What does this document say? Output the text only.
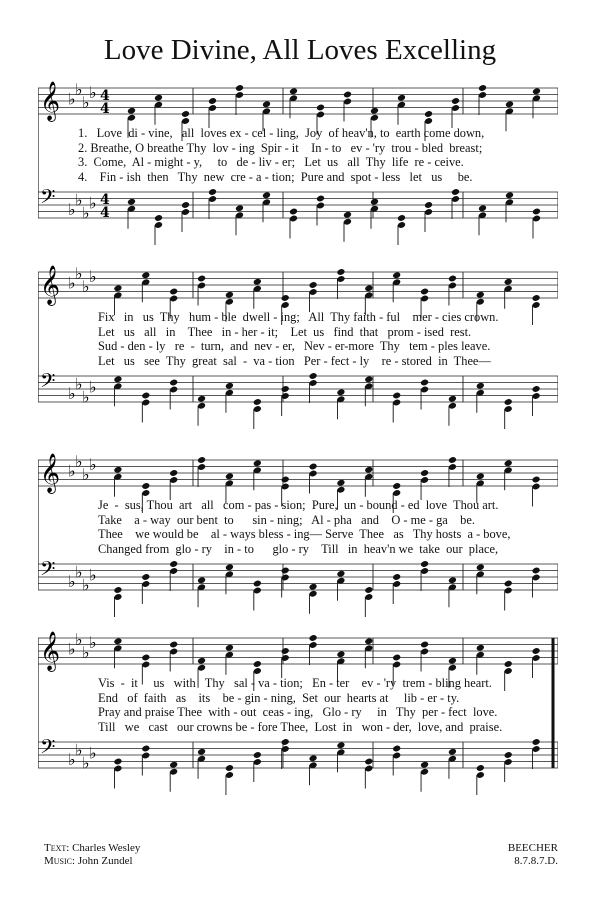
Love Divine, All Loves Excelling
𝄞 ♭
♭
♭
♭ 4
4
𝄢 ♭
♭
♭
♭ 4
4
1.   Love  di - vine,   all  loves ex - cel - ling,  Joy  of heav'n, to  earth come down,
2. Breathe, O breathe Thy  lov - ing  Spir - it    In - to   ev - 'ry  trou - bled  breast;
3.  Come,  Al - might - y,     to   de - liv - er;   Let  us   all  Thy  life  re - ceive.
4.    Fin - ish  then   Thy  new  cre - a - tion;  Pure and  spot - less   let   us     be.
𝄞 ♭
♭
♭
♭
𝄢 ♭
♭
♭
♭
Fix   in   us  Thy   hum - ble  dwell - ing;   All  Thy faith - ful    mer - cies crown.
Let   us   all   in    Thee   in - her - it;    Let  us   find  that   prom - ised  rest.
Sud - den - ly   re  -  turn,  and  nev - er,   Nev - er-more  Thy   tem - ples leave.
Let   us   see  Thy  great  sal  -  va - tion   Per - fect - ly    re - stored  in  Thee—
𝄞 ♭
♭
♭
♭
𝄢 ♭
♭
♭
♭
Je  -  sus, Thou  art   all   com - pas - sion;  Pure,  un - bound - ed  love  Thou art.
Take    a - way  our bent  to      sin - ning;   Al - pha   and    O - me - ga    be.
Thee    we would be    al - ways bless - ing— Serve  Thee   as   Thy hosts  a - bove,
Changed from  glo - ry    in - to      glo - ry    Till   in  heav'n we  take  our  place,
𝄞 ♭
♭
♭
♭
𝄢 ♭
♭
♭
♭
Vis  -  it     us   with   Thy   sal - va - tion;   En - ter    ev - 'ry  trem - bling heart.
End   of  faith   as    its    be - gin - ning,  Set  our  hearts at     lib - er - ty.
Pray and praise Thee  with - out  ceas - ing,   Glo - ry     in   Thy  per - fect  love.
Till   we   cast   our crowns be - fore Thee,  Lost  in   won - der,  love, and  praise.
Text: Charles Wesley
Music: John Zundel
BEECHER
8.7.8.7.D.
